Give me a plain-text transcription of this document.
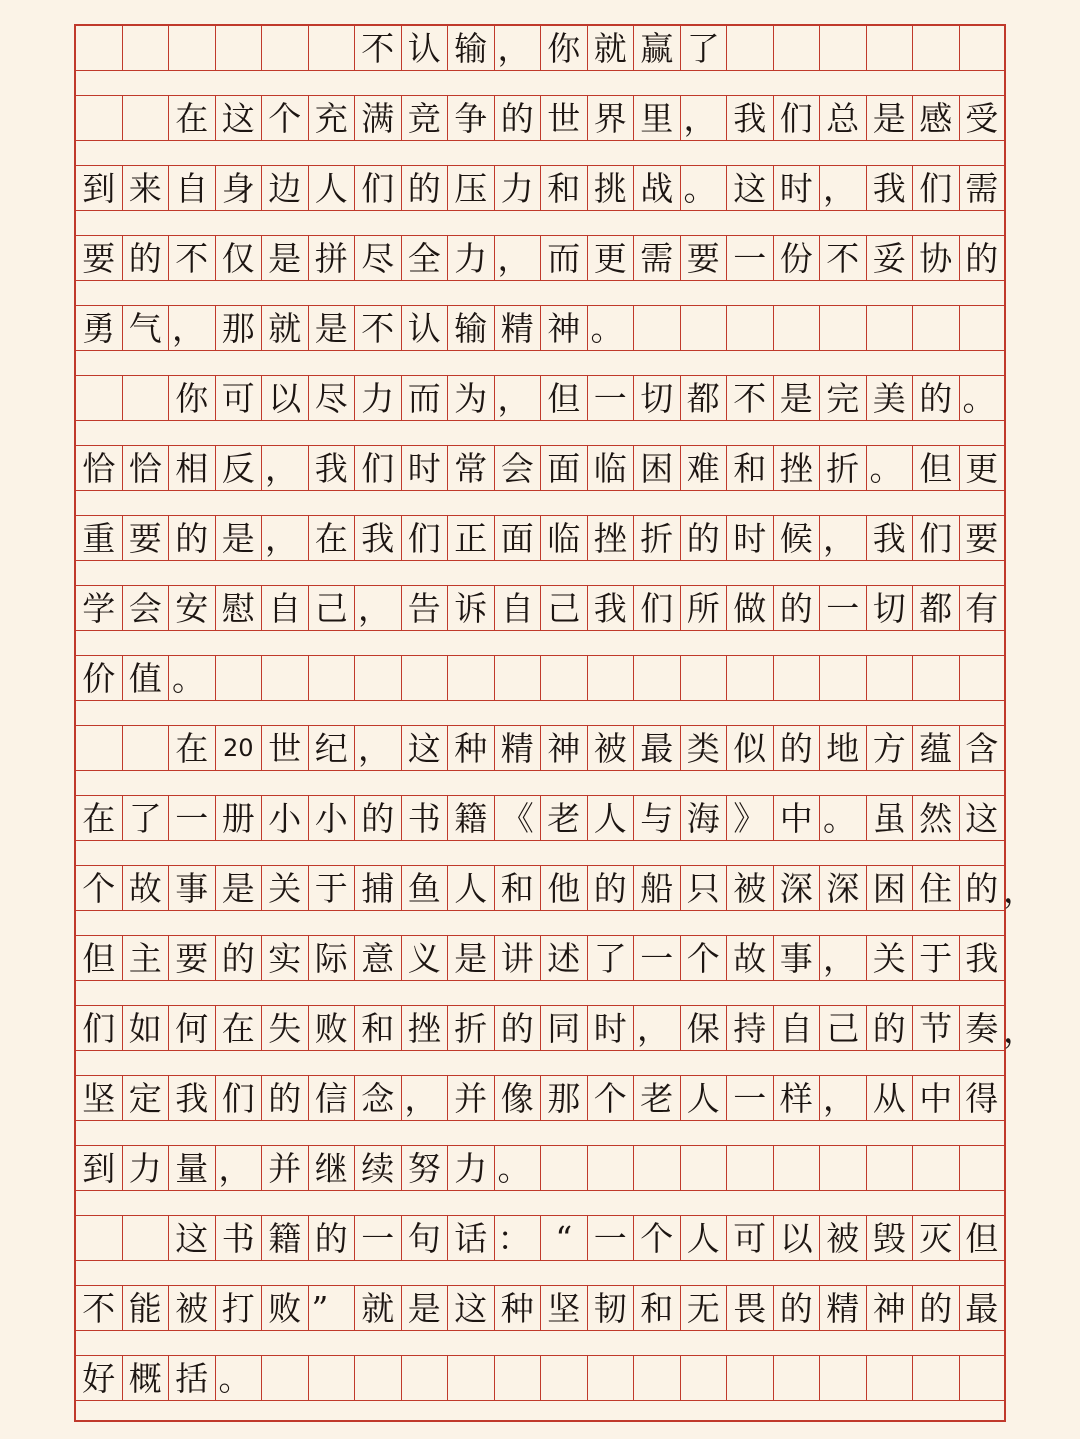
不 认 输 ， 你 就 赢 了
在 这 个 充 满 竞 争 的 世 界 里 ， 我 们 总 是 感 受
到 来 自 身 边 人 们 的 压 力 和 挑 战 。 这 时 ， 我 们 需
要 的 不 仅 是 拼 尽 全 力 ， 而 更 需 要 一 份 不 妥 协 的
勇 气 ， 那 就 是 不 认 输 精 神 。
你 可 以 尽 力 而 为 ， 但 一 切 都 不 是 完 美 的 。
恰 恰 相 反 ， 我 们 时 常 会 面 临 困 难 和 挫 折 。 但 更
重 要 的 是 ， 在 我 们 正 面 临 挫 折 的 时 候 ， 我 们 要
学 会 安 慰 自 己 ， 告 诉 自 己 我 们 所 做 的 一 切 都 有
价 值 。
在 20 世 纪 ， 这 种 精 神 被 最 类 似 的 地 方 蕴 含
在 了 一 册 小 小 的 书 籍 《 老 人 与 海 》 中 。 虽 然 这
个 故 事 是 关 于 捕 鱼 人 和 他 的 船 只 被 深 深 困 住 的 ，
但 主 要 的 实 际 意 义 是 讲 述 了 一 个 故 事 ， 关 于 我
们 如 何 在 失 败 和 挫 折 的 同 时 ， 保 持 自 己 的 节 奏 ，
坚 定 我 们 的 信 念 ， 并 像 那 个 老 人 一 样 ， 从 中 得
到 力 量 ， 并 继 续 努 力 。
这 书 籍 的 一 句 话 ： “ 一 个 人 可 以 被 毁 灭 但
不 能 被 打 败 ” 就 是 这 种 坚 韧 和 无 畏 的 精 神 的 最
好 概 括 。
